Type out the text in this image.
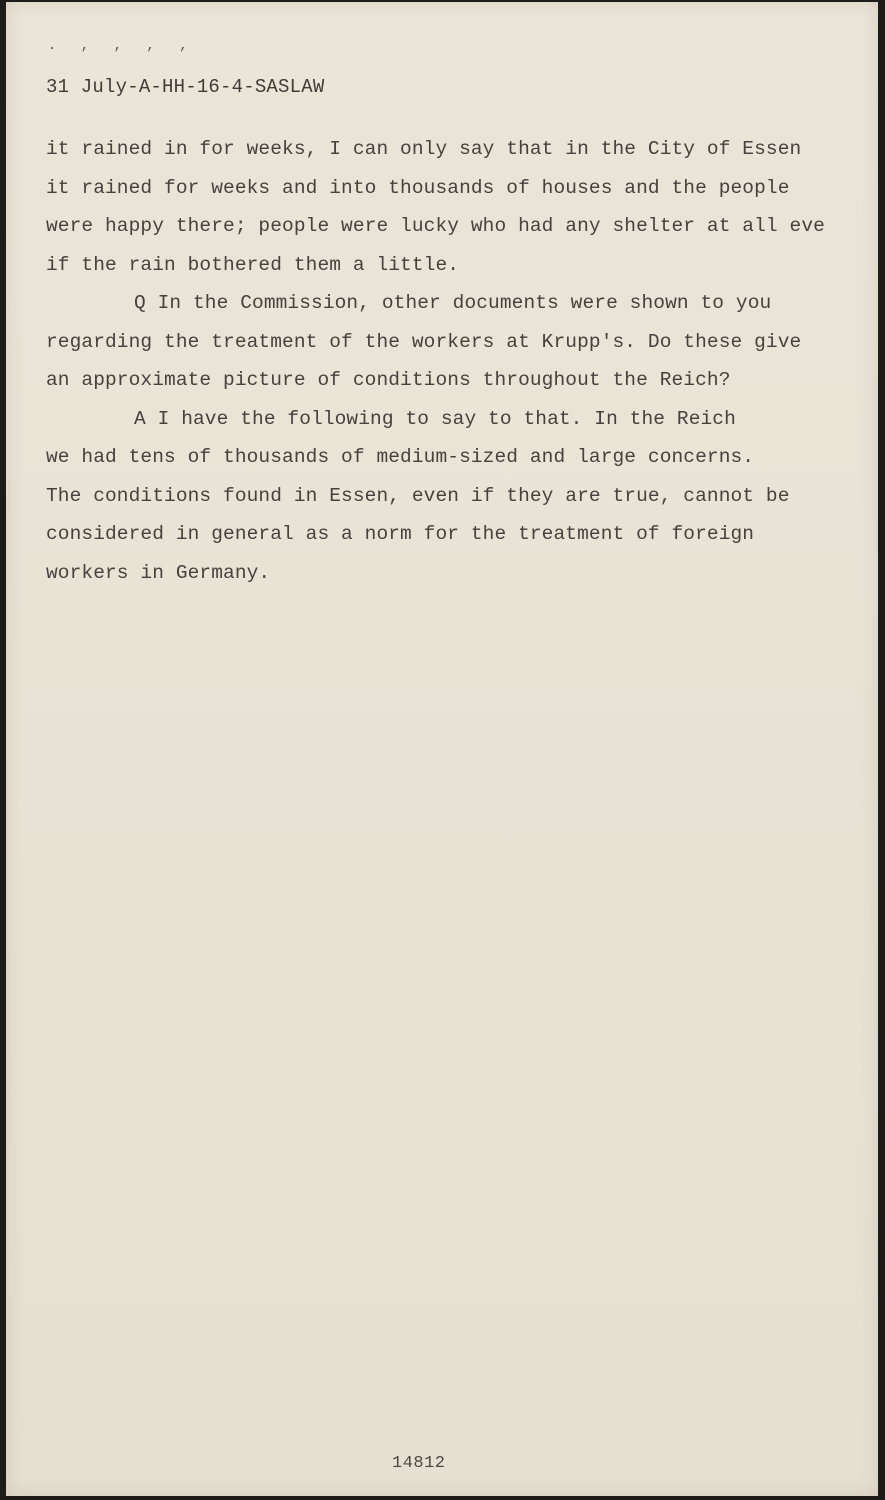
. , , , ,
31 July-A-HH-16-4-SASLAW
it rained in for weeks, I can only say that in the City of Essen
it rained for weeks and into thousands of houses and the people
were happy there; people were lucky who had any shelter at all eve
if the rain bothered them a little.
Q In the Commission, other documents were shown to you
regarding the treatment of the workers at Krupp's. Do these give
an approximate picture of conditions throughout the Reich?
A I have the following to say to that. In the Reich
we had tens of thousands of medium-sized and large concerns.
The conditions found in Essen, even if they are true, cannot be
considered in general as a norm for the treatment of foreign
workers in Germany.
14812
